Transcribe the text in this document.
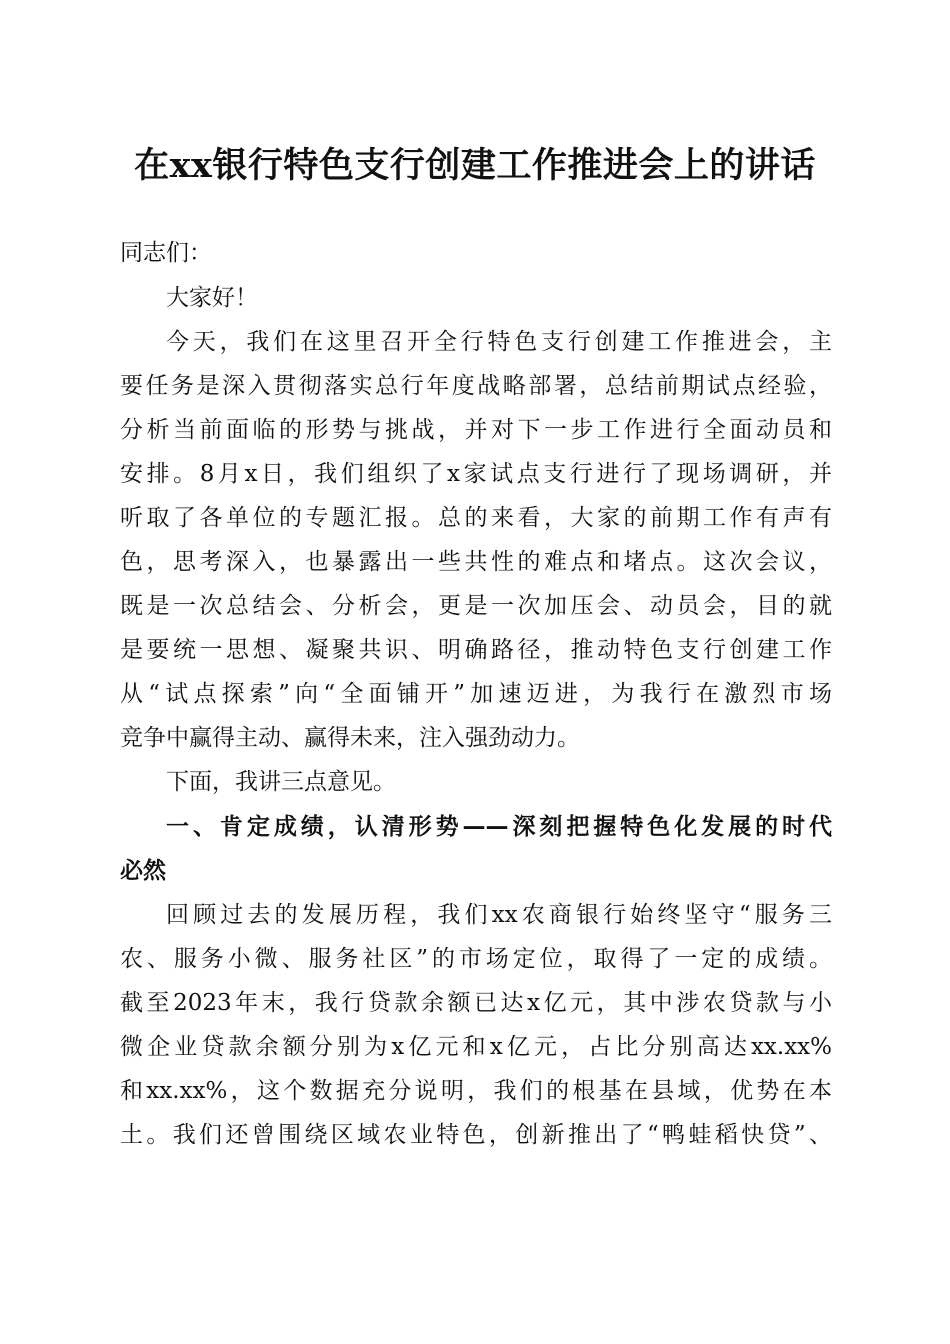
在xx银行特色支行创建工作推进会上的讲话
同志们：
大家好！
今天，我们在这里召开全行特色支行创建工作推进会，主
要任务是深入贯彻落实总行年度战略部署，总结前期试点经验，
分析当前面临的形势与挑战，并对下一步工作进行全面动员和
安排。8月x日，我们组织了x家试点支行进行了现场调研，并
听取了各单位的专题汇报。总的来看，大家的前期工作有声有
色，思考深入，也暴露出一些共性的难点和堵点。这次会议，
既是一次总结会、分析会，更是一次加压会、动员会，目的就
是要统一思想、凝聚共识、明确路径，推动特色支行创建工作
从“试点探索”向“全面铺开”加速迈进，为我行在激烈市场
竞争中赢得主动、赢得未来，注入强劲动力。
下面，我讲三点意见。
一、肯定成绩，认清形势——深刻把握特色化发展的时代
必然
回顾过去的发展历程，我们xx农商银行始终坚守“服务三
农、服务小微、服务社区”的市场定位，取得了一定的成绩。
截至2023年末，我行贷款余额已达x亿元，其中涉农贷款与小
微企业贷款余额分别为x亿元和x亿元，占比分别高达xx.xx%
和xx.xx%，这个数据充分说明，我们的根基在县域，优势在本
土。我们还曾围绕区域农业特色，创新推出了“鸭蛙稻快贷”、
